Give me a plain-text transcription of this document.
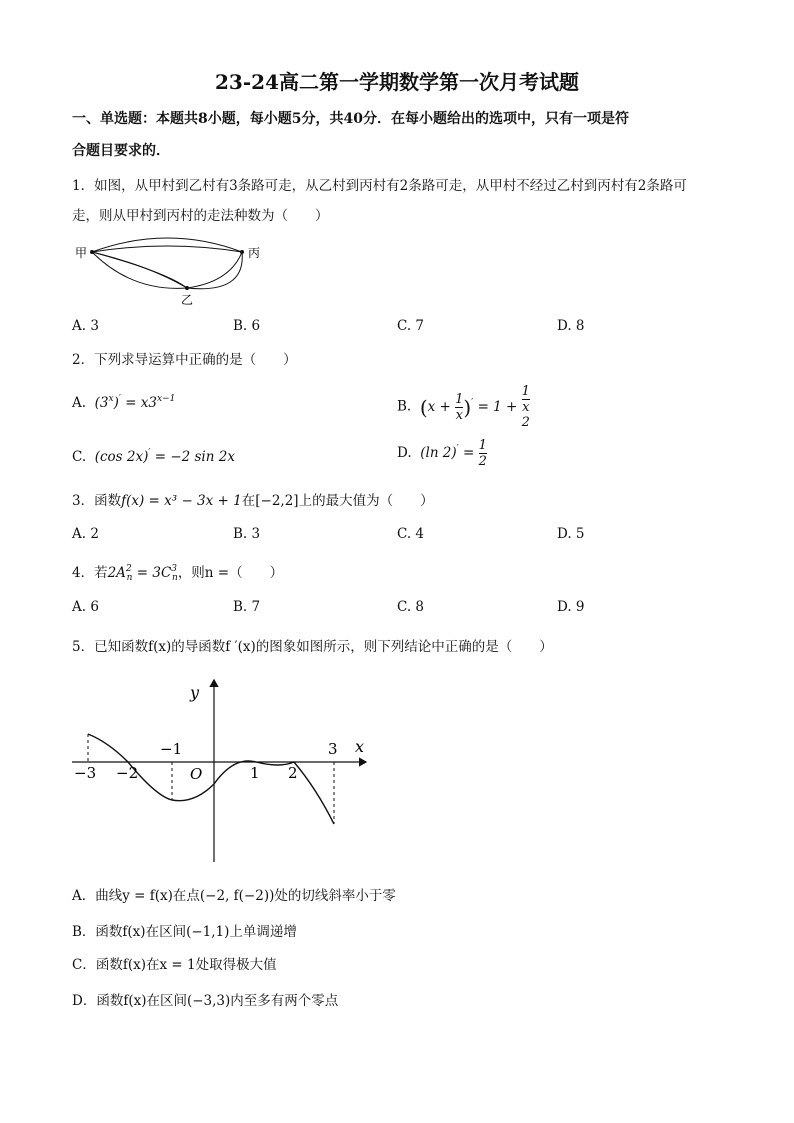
23-24高二第一学期数学第一次月考试题
一、单选题：本题共8小题，每小题5分，共40分．在每小题给出的选项中，只有一项是符
合题目要求的．
1．如图，从甲村到乙村有3条路可走，从乙村到丙村有2条路可走，从甲村不经过乙村到丙村有2条路可
走，则从甲村到丙村的走法种数为（　　）
甲	丙
乙
A. 3	B. 6	C. 7	D. 8
2．下列求导运算中正确的是（　　）
A.  $(3^x)' = x3^{x-1}$	B. $(x + \frac{1}{x} )' = 1 + 1$
x
2
C.  (cos 2x)′ = −2 sin 2x	D.  (ln $2)' = \frac{1}{2}$
3．函数f(x) = x³ − 3x + 1在[−2,2]上的最大值为（　　）
A. 2	B. 3	C. 4	D. 5
4．若$2A^2_n = 3C^3_n$，则n =（　　）
A. 6	B. 7	C. 8	D. 9
5．已知函数f(x)的导函数f ′(x)的图象如图所示，则下列结论中正确的是（　　）
y
x
O
−3 −2
−1
1 2
3
A．曲线y = f(x)在点(−2, f(−2))处的切线斜率小于零
B．函数f(x)在区间(−1,1)上单调递增
C．函数f(x)在x = 1处取得极大值
D．函数f(x)在区间(−3,3)内至多有两个零点
